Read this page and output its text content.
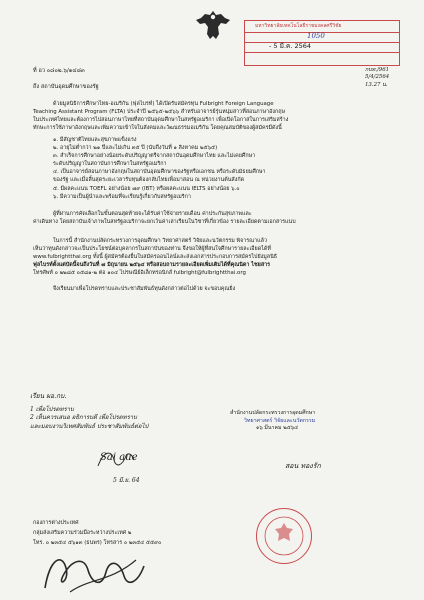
มหาวิทยาลัยเทคโนโลยีราชมงคลศรีวิชัย
1050
- 5 มี.ค. 2564
กบท./961
5/4/2564
13.27 น.
ที่ อว ๐๘๐๒.๖/๑๔๘๓
ถึง สถาบันอุดมศึกษาของรัฐ
ด้วยมูลนิธิการศึกษาไทย-อเมริกัน (ฟุลไบรท์) ได้เปิดรับสมัครทุน Fulbright Foreign Language
Teaching Assistant Program (FLTA) ประจำปี ๒๕๖๕-๒๕๖๖ สำหรับอาจารย์รุ่นหนุ่มสาวที่สอนภาษาอังกฤษ
ในประเทศไทยและต้องการไปสอนภาษาไทยที่สถาบันอุดมศึกษาในสหรัฐอเมริกา เพื่อเปิดโอกาสในการเสริมสร้าง
ทักษะการใช้ภาษาอังกฤษและเพิ่มความเข้าใจในสังคมและวัฒนธรรมอเมริกัน โดยคุณสมบัติของผู้สมัครมีดังนี้
๑. มีสัญชาติไทยและสุขภาพแข็งแรง
๒. อายุไม่ต่ำกว่า ๒๑ ปีและไม่เกิน ๓๕ ปี (นับถึงวันที่ ๑ สิงหาคม ๒๕๖๕)
๓. สำเร็จการศึกษาอย่างน้อยระดับปริญญาตรีจากสถาบันอุดมศึกษาไทย และไม่เคยศึกษา
ระดับปริญญาในสถาบันการศึกษาในสหรัฐอเมริกา
๔. เป็นอาจารย์สอนภาษาอังกฤษในสถาบันอุดมศึกษาของรัฐหรือเอกชน หรือระดับมัธยมศึกษา
ของรัฐ และเมื่อสิ้นสุดระยะเวลารับทุนต้องกลับไทยเพื่อมาสอน ณ หน่วยงานต้นสังกัด
๕. มีผลคะแนน TOEFL อย่างน้อย ๗๙ (IBT) หรือผลคะแนน IELTS อย่างน้อย ๖.๐
๖. มีความเป็นผู้นำและพร้อมที่จะเรียนรู้เกี่ยวกับสหรัฐอเมริกา
ผู้ที่ผ่านการคัดเลือกในขั้นตอนสุดท้ายจะได้รับค่าใช้จ่ายรายเดือน ค่าประกันสุขภาพและ
ค่าเดินทาง โดยสถาบันเจ้าภาพในสหรัฐอเมริกาจะยกเว้นค่าเล่าเรียนในวิชาที่เกี่ยวข้อง รายละเอียดตามเอกสารแนบ
ในการนี้ สำนักงานปลัดกระทรวงการอุดมศึกษา วิทยาศาสตร์ วิจัยและนวัตกรรม พิจารณาแล้ว
เห็นว่าทุนดังกล่าวจะเป็นประโยชน์ต่อบุคลากรในสถาบันของท่าน จึงขอให้ผู้ที่สนใจศึกษารายละเอียดได้ที่
www.fulbrightthai.org ทั้งนี้ ผู้สมัครต้องยื่นใบสมัครออนไลน์และส่งเอกสารประกอบการสมัครไปยังมูลนิธิ
ฟุลไบรท์ตั้งแต่บัดนี้จนถึงวันที่ ๗ มิถุนายน ๒๕๖๔ หรือสอบถามรายละเอียดเพิ่มเติมได้ที่คุณนิดา ไชยสาร
โทรศัพท์ ๐ ๒๒๘๕ ๐๕๘๑-๒ ต่อ ๑๐๔ ไปรษณีย์อิเล็กทรอนิกส์ fulbright@fulbrightthai.org
จึงเรียนมาเพื่อโปรดทราบและประชาสัมพันธ์ทุนดังกล่าวต่อไปด้วย จะขอบคุณยิ่ง
เรียน ผอ.กบ.
1 เพื่อโปรดทราบ
2 เห็นควรเสนอ อธิการบดี เพื่อโปรดทราบ
และมอบงานวิเทศสัมพันธ์ ประชาสัมพันธ์ต่อไป
Sai aue
5 มี.ย. 64
สำนักงานปลัดกระทรวงการอุดมศึกษา
วิทยาศาสตร์ วิจัยและนวัตกรรม
๑๖ มีนาคม ๒๕๖๔
สอน ทองรัก
กองการต่างประเทศ
กลุ่มส่งเสริมความร่วมมือระหว่างประเทศ ๒
โทร. ๐ ๒๓๕๔ ๕๖๑๓ (ธนพร) โทรสาร ๐ ๒๓๕๔ ๕๕๙๐
